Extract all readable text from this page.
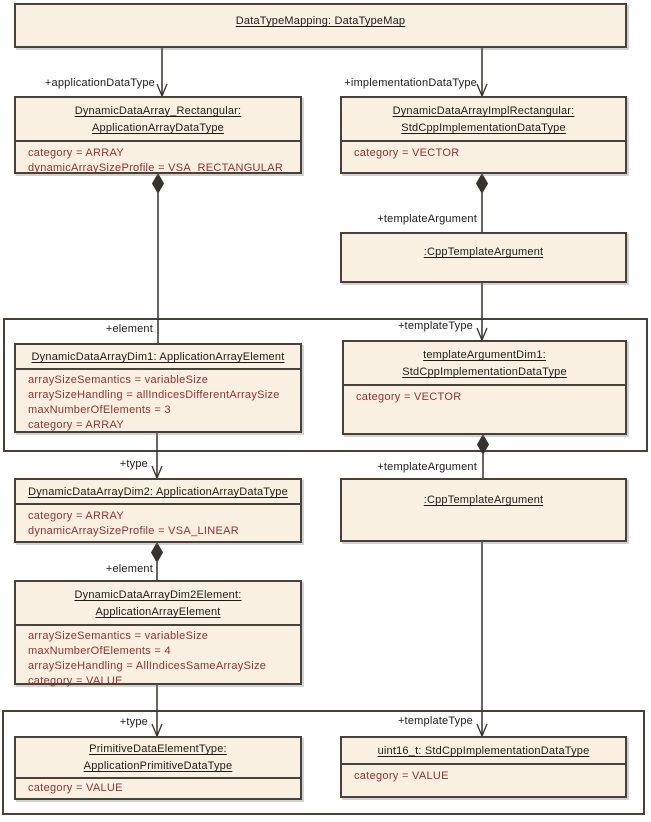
+applicationDataType	+implementationDataType
+templateArgument
+element	+templateType
+type	+templateArgument
+element
+type	+templateType
DataTypeMapping: DataTypeMap
DynamicDataArray_Rectangular:
ApplicationArrayDataType

category = ARRAY

dynamicArraySizeProfile = VSA_RECTANGULAR

DynamicDataArrayImplRectangular:
StdCppImplementationDataType

category = VECTOR

:CppTemplateArgument
DynamicDataArrayDim1: ApplicationArrayElement

arraySizeSemantics = variableSize

arraySizeHandling = allIndicesDifferentArraySize

maxNumberOfElements = 3

category = ARRAY

templateArgumentDim1:
StdCppImplementationDataType

category = VECTOR

DynamicDataArrayDim2: ApplicationArrayDataType

category = ARRAY

dynamicArraySizeProfile = VSA_LINEAR

:CppTemplateArgument
DynamicDataArrayDim2Element:
ApplicationArrayElement

arraySizeSemantics = variableSize

maxNumberOfElements = 4

arraySizeHandling = AllIndicesSameArraySize

category = VALUE

PrimitiveDataElementType:
ApplicationPrimitiveDataType

category = VALUE

uint16_t: StdCppImplementationDataType

category = VALUE
